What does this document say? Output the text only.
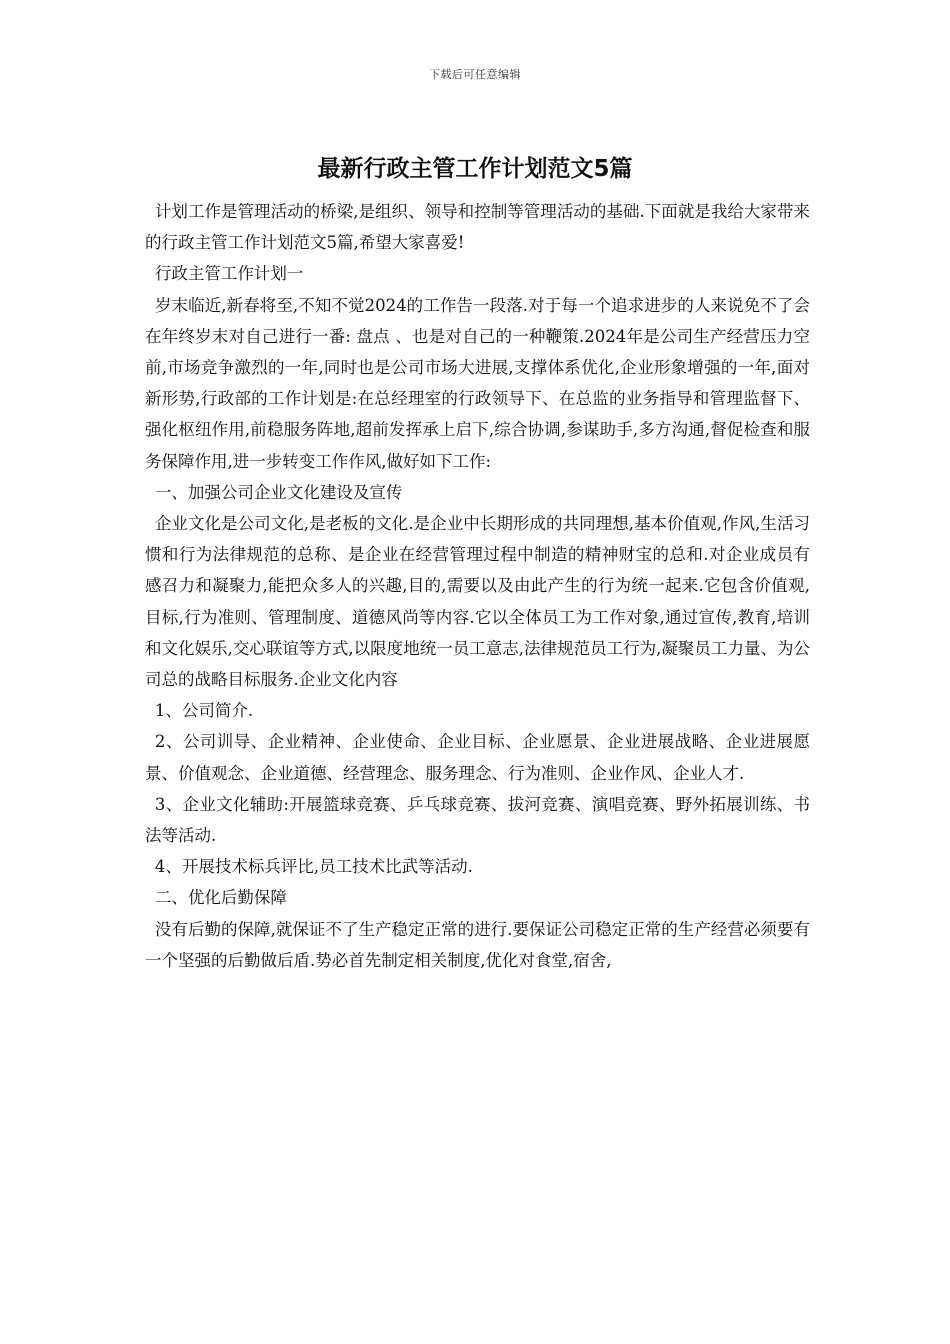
下载后可任意编辑
最新行政主管工作计划范文5篇

计划工作是管理活动的桥梁,是组织、领导和控制等管理活动的基础.下面就是我给大家带来的行政主管工作计划范文5篇,希望大家喜爱!

行政主管工作计划一

岁末临近,新春将至,不知不觉2024的工作告一段落.对于每一个追求进步的人来说免不了会在年终岁末对自己进行一番: 盘点 、也是对自己的一种鞭策.2024年是公司生产经营压力空前,市场竞争激烈的一年,同时也是公司市场大进展,支撑体系优化,企业形象增强的一年,面对新形势,行政部的工作计划是:在总经理室的行政领导下、在总监的业务指导和管理监督下、强化枢纽作用,前稳服务阵地,超前发挥承上启下,综合协调,参谋助手,多方沟通,督促检查和服务保障作用,进一步转变工作作风,做好如下工作:

一、加强公司企业文化建设及宣传

企业文化是公司文化,是老板的文化.是企业中长期形成的共同理想,基本价值观,作风,生活习惯和行为法律规范的总称、是企业在经营管理过程中制造的精神财宝的总和.对企业成员有感召力和凝聚力,能把众多人的兴趣,目的,需要以及由此产生的行为统一起来.它包含价值观,目标,行为准则、管理制度、道德风尚等内容.它以全体员工为工作对象,通过宣传,教育,培训和文化娱乐,交心联谊等方式,以限度地统一员工意志,法律规范员工行为,凝聚员工力量、为公司总的战略目标服务.企业文化内容

1、公司简介.

2、公司训导、企业精神、企业使命、企业目标、企业愿景、企业进展战略、企业进展愿景、价值观念、企业道德、经营理念、服务理念、行为准则、企业作风、企业人才.

3、企业文化辅助:开展篮球竞赛、乒乓球竞赛、拔河竞赛、演唱竞赛、野外拓展训练、书法等活动.

4、开展技术标兵评比,员工技术比武等活动.

二、优化后勤保障

没有后勤的保障,就保证不了生产稳定正常的进行.要保证公司稳定正常的生产经营必须要有一个坚强的后勤做后盾.势必首先制定相关制度,优化对食堂,宿舍,
